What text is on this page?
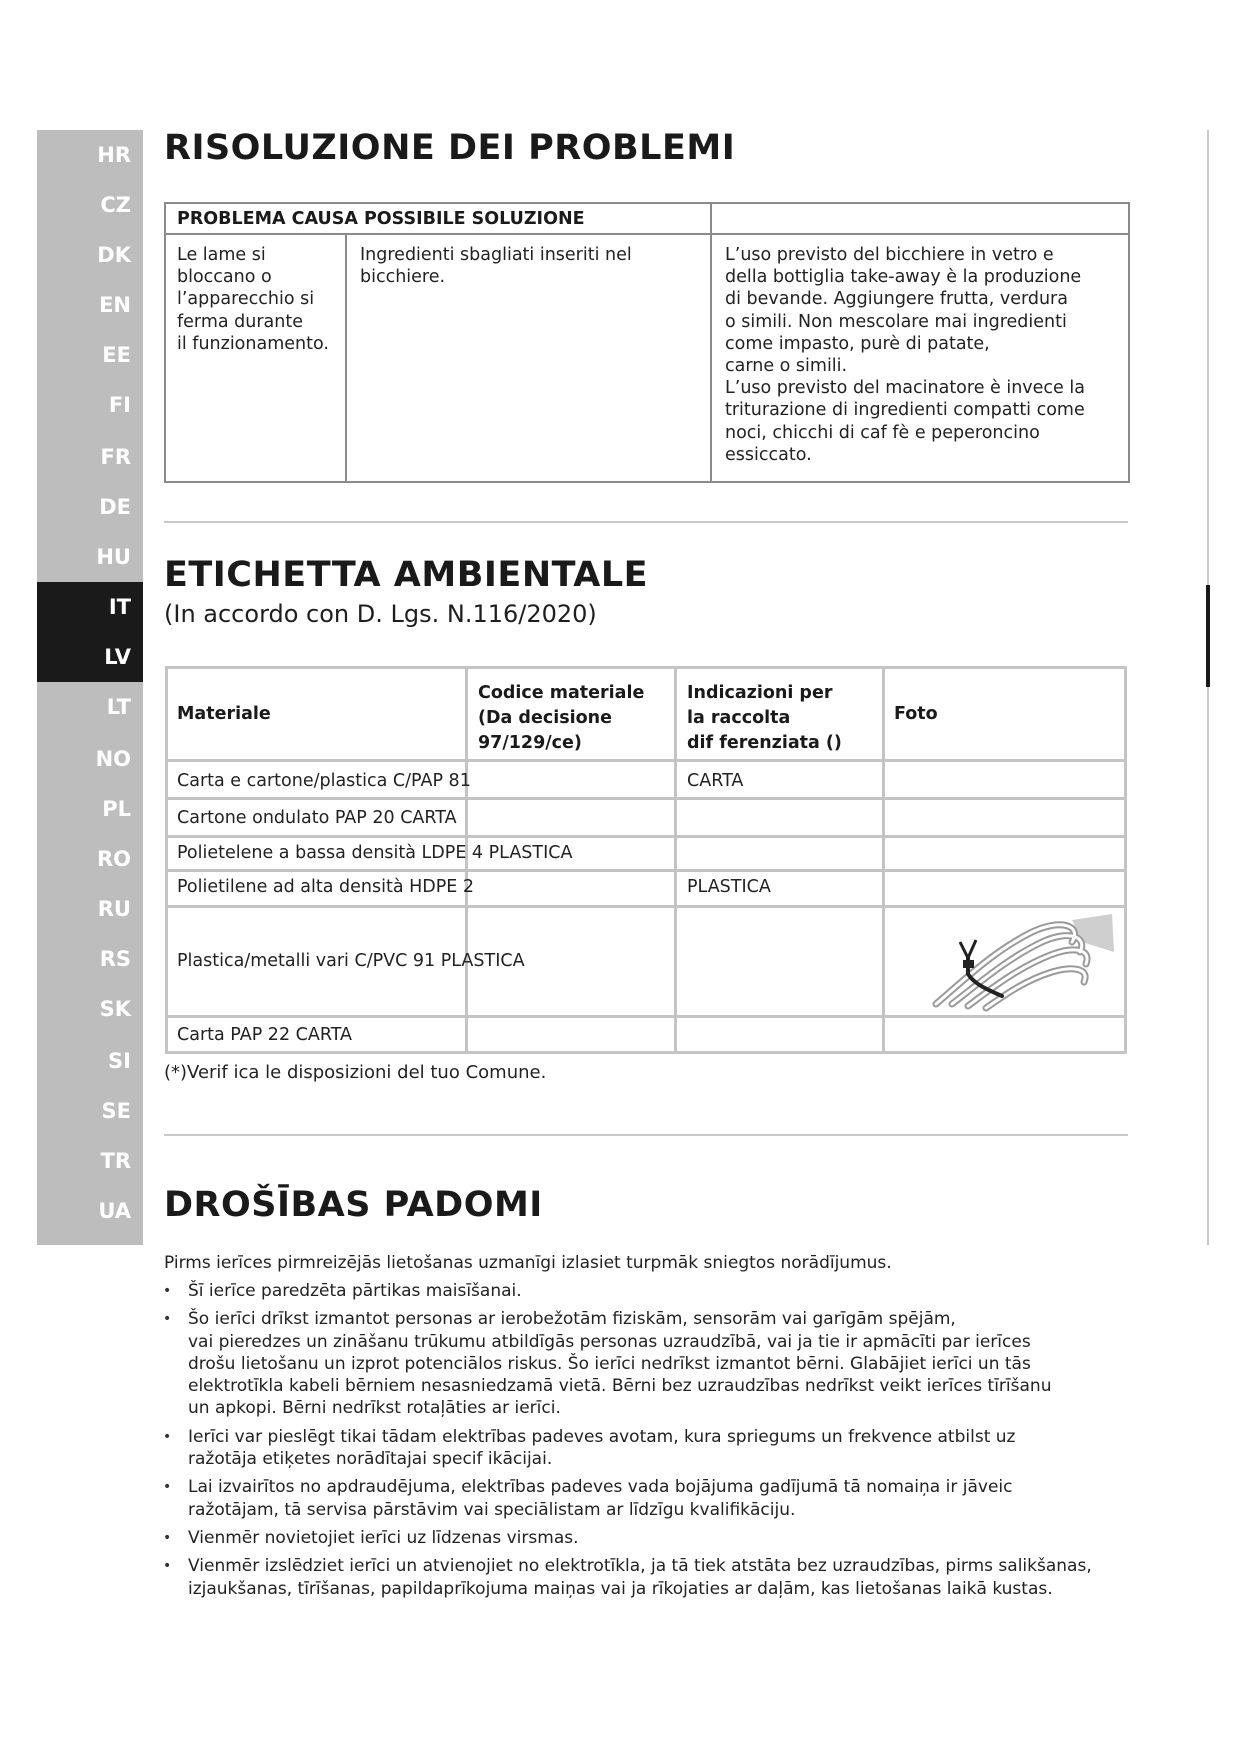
HR
CZ
DK
EN
EE
FI
FR
DE
HU
IT
LV
LT
NO
PL
RO
RU
RS
SK
SI
SE
TR
UA
RISOLUZIONE DEI PROBLEMI
PROBLEMA CAUSA POSSIBILE SOLUZIONE
Le lame si
bloccano o
l’apparecchio si
ferma durante
il funzionamento.
Ingredienti sbagliati inseriti nel
bicchiere.
L’uso previsto del bicchiere in vetro e
della bottiglia take-away è la produzione
di bevande. Aggiungere frutta, verdura
o simili. Non mescolare mai ingredienti
come impasto, purè di patate,
carne o simili.
L’uso previsto del macinatore è invece la
triturazione di ingredienti compatti come
noci, chicchi di caf fè e peperoncino
essiccato.
ETICHETTA AMBIENTALE

(In accordo con D. Lgs. N.116/2020)

Materiale
Codice materiale
(Da decisione
97/129/ce)
Indicazioni per
la raccolta
dif ferenziata ()
Foto
Carta e cartone/plastica C/PAP 81	CARTA
Cartone ondulato PAP 20 CARTA
Polietelene a bassa densità LDPE 4 PLASTICA
Polietilene ad alta densità HDPE 2	PLASTICA
Plastica/metalli vari C/PVC 91 PLASTICA
Carta PAP 22 CARTA
(*)Verif ica le disposizioni del tuo Comune.
DROŠĪBAS PADOMI

Pirms ierīces pirmreizējās lietošanas uzmanīgi izlasiet turpmāk sniegtos norādījumus.

• Šī ierīce paredzēta pārtikas maisīšanai.
• Šo ierīci drīkst izmantot personas ar ierobežotām fiziskām, sensorām vai garīgām spējām,
vai pieredzes un zināšanu trūkumu atbildīgās personas uzraudzībā, vai ja tie ir apmācīti par ierīces
drošu lietošanu un izprot potenciālos riskus. Šo ierīci nedrīkst izmantot bērni. Glabājiet ierīci un tās
elektrotīkla kabeli bērniem nesasniedzamā vietā. Bērni bez uzraudzības nedrīkst veikt ierīces tīrīšanu
un apkopi. Bērni nedrīkst rotaļāties ar ierīci.
• Ierīci var pieslēgt tikai tādam elektrības padeves avotam, kura spriegums un frekvence atbilst uz
ražotāja etiķetes norādītajai specif ikācijai.
• Lai izvairītos no apdraudējuma, elektrības padeves vada bojājuma gadījumā tā nomaiņa ir jāveic
ražotājam, tā servisa pārstāvim vai speciālistam ar līdzīgu kvalifikāciju.
• Vienmēr novietojiet ierīci uz līdzenas virsmas.
• Vienmēr izslēdziet ierīci un atvienojiet no elektrotīkla, ja tā tiek atstāta bez uzraudzības, pirms salikšanas,
izjaukšanas, tīrīšanas, papildaprīkojuma maiņas vai ja rīkojaties ar daļām, kas lietošanas laikā kustas.
